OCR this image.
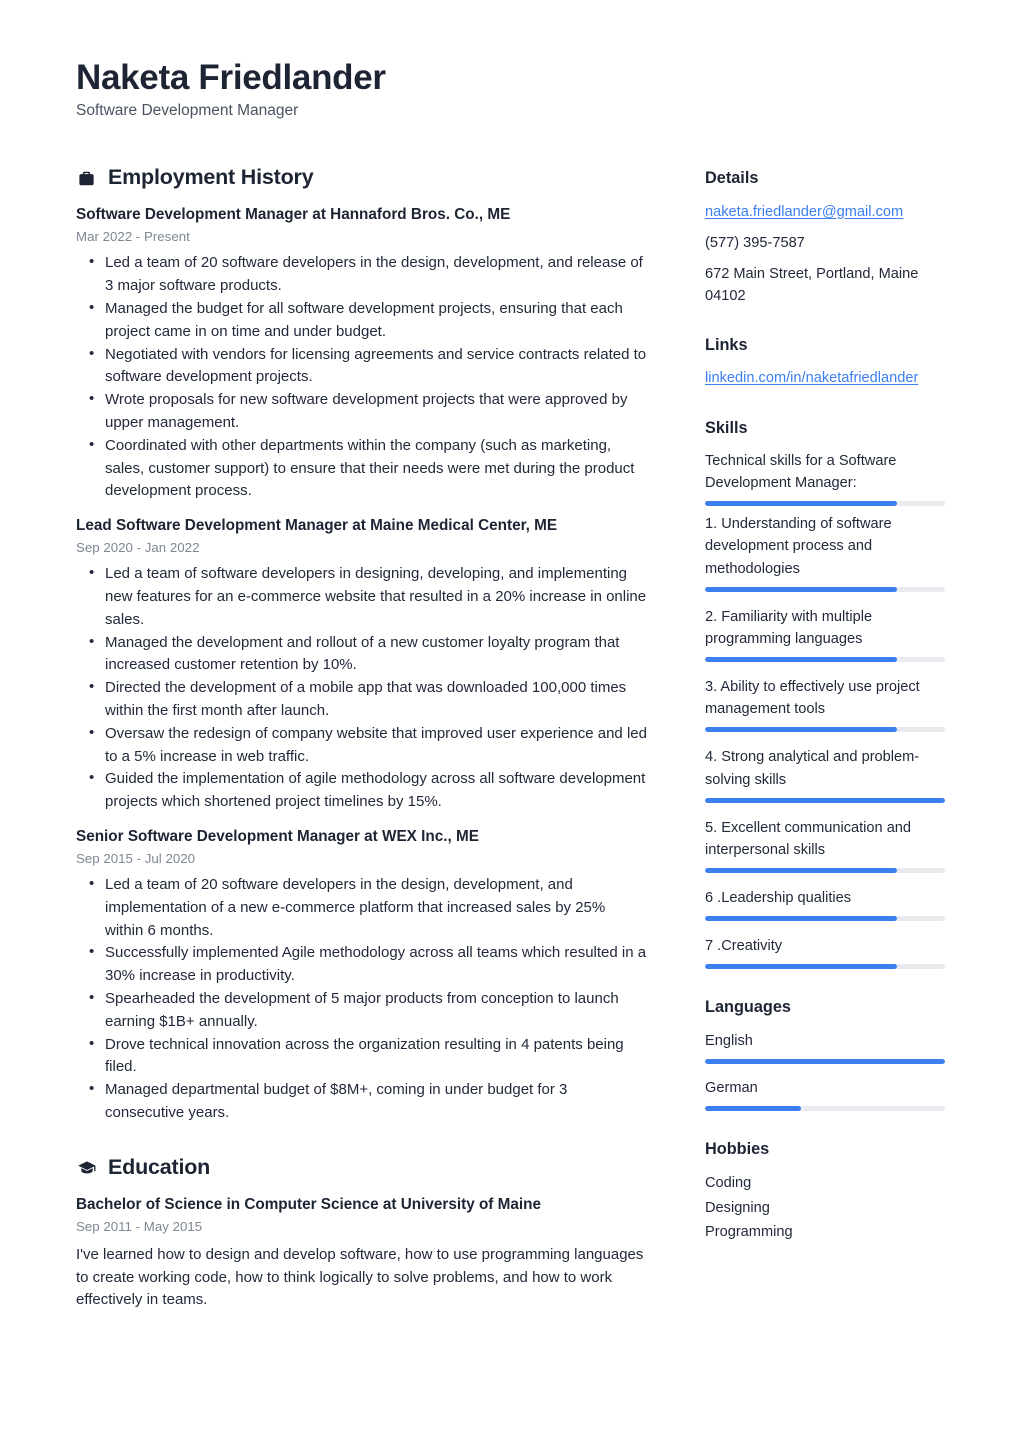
Naketa Friedlander
Software Development Manager
Employment History
Software Development Manager at Hannaford Bros. Co., ME
Mar 2022 - Present
• Led a team of 20 software developers in the design, development, and release of 3 major software products.
• Managed the budget for all software development projects, ensuring that each project came in on time and under budget.
• Negotiated with vendors for licensing agreements and service contracts related to software development projects.
• Wrote proposals for new software development projects that were approved by upper management.
• Coordinated with other departments within the company (such as marketing, sales, customer support) to ensure that their needs were met during the product development process.
Lead Software Development Manager at Maine Medical Center, ME
Sep 2020 - Jan 2022
• Led a team of software developers in designing, developing, and implementing new features for an e-commerce website that resulted in a 20% increase in online sales.
• Managed the development and rollout of a new customer loyalty program that increased customer retention by 10%.
• Directed the development of a mobile app that was downloaded 100,000 times within the first month after launch.
• Oversaw the redesign of company website that improved user experience and led to a 5% increase in web traffic.
• Guided the implementation of agile methodology across all software development projects which shortened project timelines by 15%.
Senior Software Development Manager at WEX Inc., ME
Sep 2015 - Jul 2020
• Led a team of 20 software developers in the design, development, and implementation of a new e-commerce platform that increased sales by 25% within 6 months.
• Successfully implemented Agile methodology across all teams which resulted in a 30% increase in productivity.
• Spearheaded the development of 5 major products from conception to launch earning $1B+ annually.
• Drove technical innovation across the organization resulting in 4 patents being filed.
• Managed departmental budget of $8M+, coming in under budget for 3 consecutive years.
Education
Bachelor of Science in Computer Science at University of Maine
Sep 2011 - May 2015
I've learned how to design and develop software, how to use programming languages to create working code, how to think logically to solve problems, and how to work effectively in teams.
Details
naketa.friedlander@gmail.com
(577) 395-7587
672 Main Street, Portland, Maine 04102
Links
linkedin.com/in/naketafriedlander
Skills
Technical skills for a Software Development Manager:
1. Understanding of software development process and methodologies
2. Familiarity with multiple programming languages
3. Ability to effectively use project management tools
4. Strong analytical and problem-solving skills
5. Excellent communication and interpersonal skills
6 .Leadership qualities
7 .Creativity
Languages
English
German
Hobbies
Coding
Designing
Programming
